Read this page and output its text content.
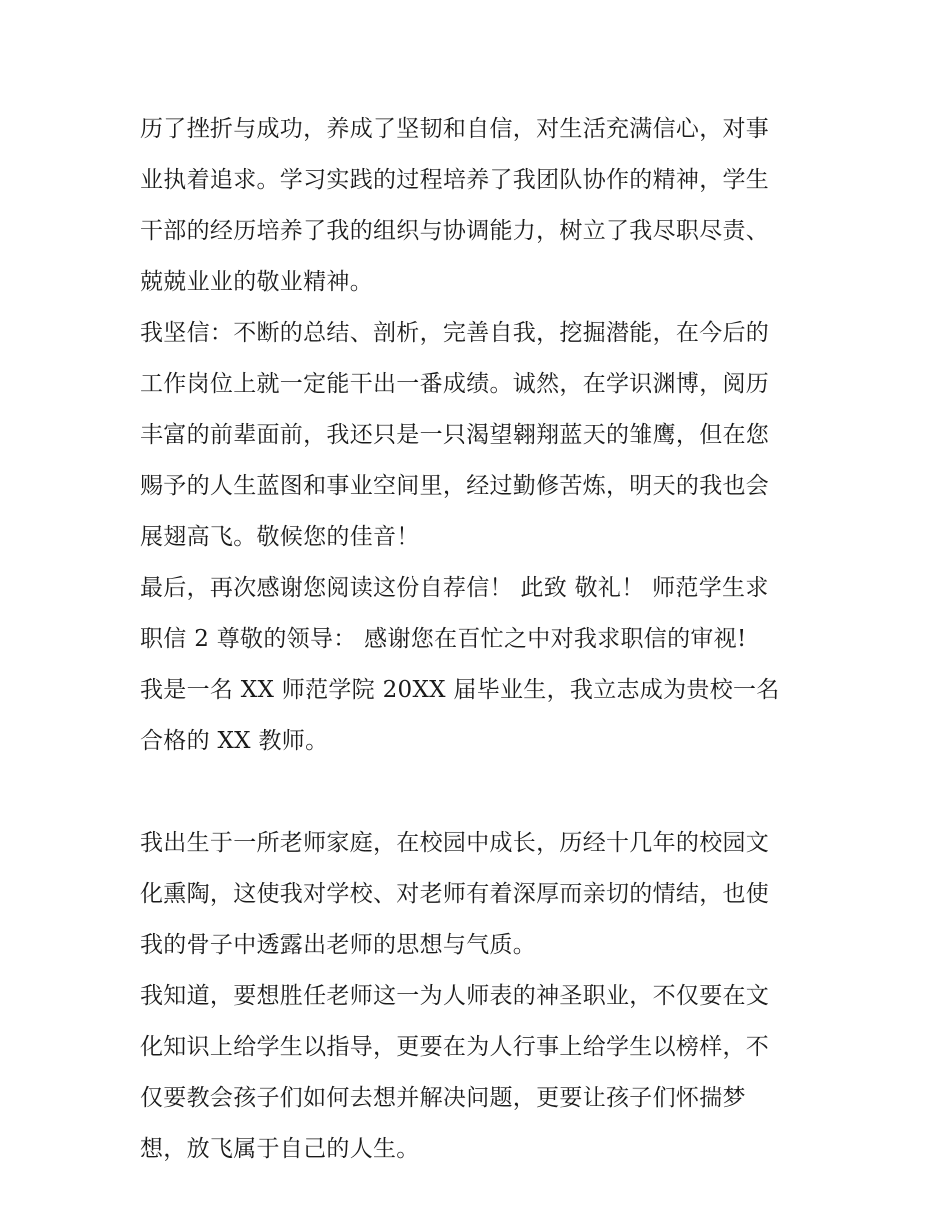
历了挫折与成功，养成了坚韧和自信，对生活充满信心，对事
业执着追求。学习实践的过程培养了我团队协作的精神，学生
干部的经历培养了我的组织与协调能力，树立了我尽职尽责、
兢兢业业的敬业精神。
我坚信：不断的总结、剖析，完善自我，挖掘潜能，在今后的
工作岗位上就一定能干出一番成绩。诚然，在学识渊博，阅历
丰富的前辈面前，我还只是一只渴望翱翔蓝天的雏鹰，但在您
赐予的人生蓝图和事业空间里，经过勤修苦炼，明天的我也会
展翅高飞。敬候您的佳音！
最后，再次感谢您阅读这份自荐信！ 此致 敬礼！ 师范学生求
职信 2 尊敬的领导： 感谢您在百忙之中对我求职信的审视!
我是一名 XX 师范学院 20XX 届毕业生，我立志成为贵校一名
合格的 XX 教师。
我出生于一所老师家庭，在校园中成长，历经十几年的校园文
化熏陶，这使我对学校、对老师有着深厚而亲切的情结，也使
我的骨子中透露出老师的思想与气质。
我知道，要想胜任老师这一为人师表的神圣职业，不仅要在文
化知识上给学生以指导，更要在为人行事上给学生以榜样，不
仅要教会孩子们如何去想并解决问题，更要让孩子们怀揣梦
想，放飞属于自己的人生。
